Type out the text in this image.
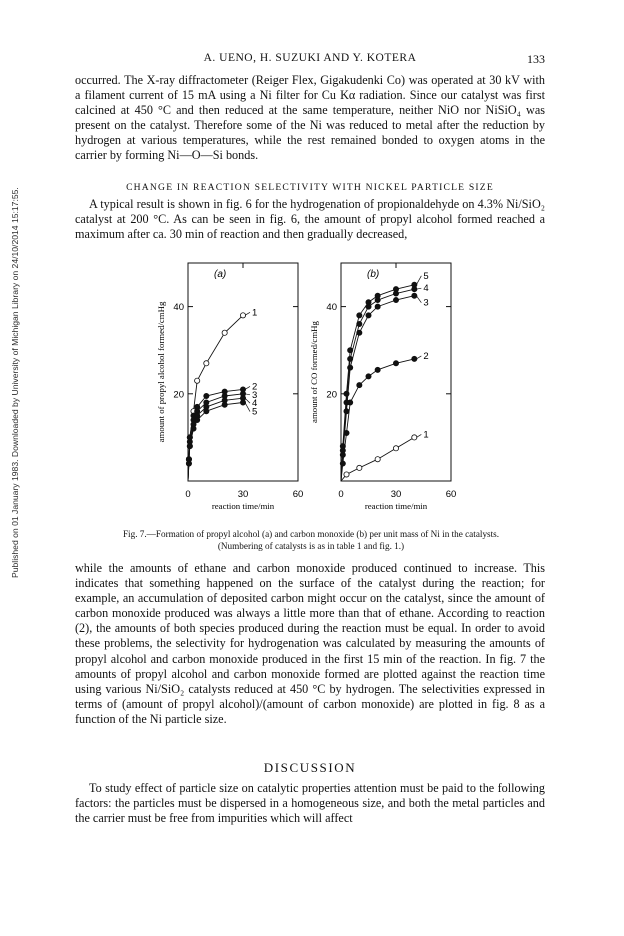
Published on 01 January 1983. Downloaded by University of Michigan Library on 24/10/2014 15:17:55.
A. UENO, H. SUZUKI AND Y. KOTERA	133

occurred. The X-ray diffractometer (Reiger Flex, Gigakudenki Co) was operated at 30 kV with a filament current of 15 mA using a Ni filter for Cu Kα radiation. Since our catalyst was first calcined at 450 °C and then reduced at the same temperature, neither NiO nor NiSiO₄ was present on the catalyst. Therefore some of the Ni was reduced to metal after the reduction by hydrogen at various temperatures, while the rest remained bonded to oxygen atoms in the carrier by forming Ni—O—Si bonds.

CHANGE IN REACTION SELECTIVITY WITH NICKEL PARTICLE SIZE

A typical result is shown in fig. 6 for the hydrogenation of propionaldehyde on 4.3% Ni/SiO₂ catalyst at 200 °C. As can be seen in fig. 6, the amount of propyl alcohol formed reached a maximum after ca. 30 min of reaction and then gradually decreased,

(a)
20
40
0	30	60
reaction time/min
amount of propyl alcohol formed/cmHg	1
2
3
4
5
(b)
20
40
0	30	60
reaction time/min
amount of CO formed/cmHg
5
4
3
2
1
Fig. 7.—Formation of propyl alcohol (a) and carbon monoxide (b) per unit mass of Ni in the catalysts.
(Numbering of catalysts is as in table 1 and fig. 1.)

while the amounts of ethane and carbon monoxide produced continued to increase. This indicates that something happened on the surface of the catalyst during the reaction; for example, an accumulation of deposited carbon might occur on the catalyst, since the amount of carbon monoxide produced was always a little more than that of ethane. According to reaction (2), the amounts of both species produced during the reaction must be equal. In order to avoid these problems, the selectivity for hydrogenation was calculated by measuring the amounts of propyl alcohol and carbon monoxide produced in the first 15 min of the reaction. In fig. 7 the amounts of propyl alcohol and carbon monoxide formed are plotted against the reaction time using various Ni/SiO₂ catalysts reduced at 450 °C by hydrogen. The selectivities expressed in terms of (amount of propyl alcohol)/(amount of carbon monoxide) are plotted in fig. 8 as a function of the Ni particle size.

DISCUSSION

To study effect of particle size on catalytic properties attention must be paid to the following factors: the particles must be dispersed in a homogeneous size, and both the metal particles and the carrier must be free from impurities which will affect
